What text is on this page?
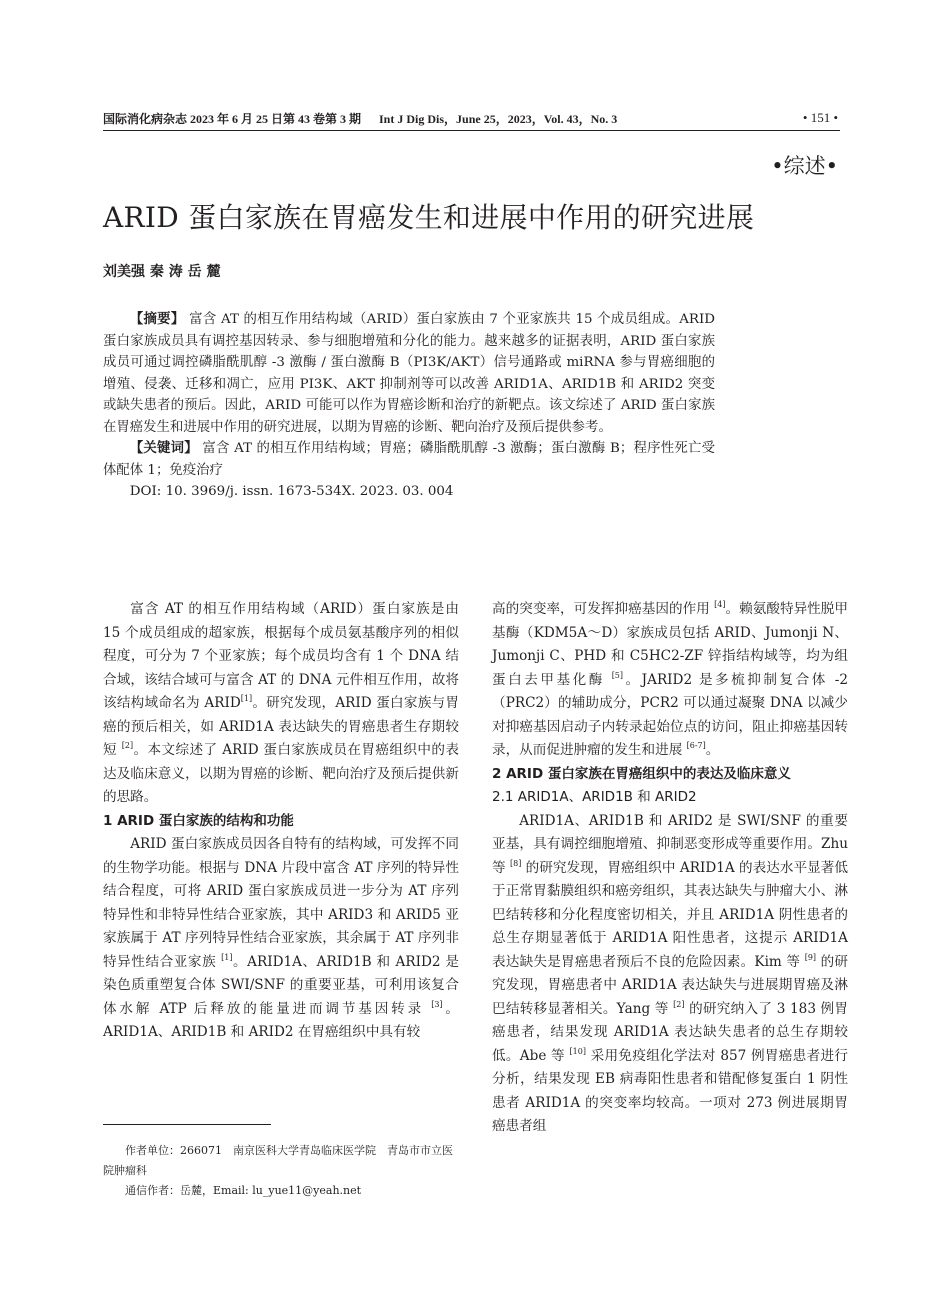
国际消化病杂志 2023 年 6 月 25 日第 43 卷第 3 期 Int J Dig Dis，June 25，2023，Vol. 43，No. 3	• 151 •
•综述•
ARID 蛋白家族在胃癌发生和进展中作用的研究进展
刘美强 秦 涛 岳 麓

【摘要】 富含 AT 的相互作用结构域（ARID）蛋白家族由 7 个亚家族共 15 个成员组成。ARID 蛋白家族成员具有调控基因转录、参与细胞增殖和分化的能力。越来越多的证据表明，ARID 蛋白家族成员可通过调控磷脂酰肌醇 -3 激酶 / 蛋白激酶 B（PI3K/AKT）信号通路或 miRNA 参与胃癌细胞的增殖、侵袭、迁移和凋亡，应用 PI3K、AKT 抑制剂等可以改善 ARID1A、ARID1B 和 ARID2 突变或缺失患者的预后。因此，ARID 可能可以作为胃癌诊断和治疗的新靶点。该文综述了 ARID 蛋白家族在胃癌发生和进展中作用的研究进展，以期为胃癌的诊断、靶向治疗及预后提供参考。

【关键词】 富含 AT 的相互作用结构域；胃癌；磷脂酰肌醇 -3 激酶；蛋白激酶 B；程序性死亡受体配体 1；免疫治疗

DOI: 10. 3969/j. issn. 1673-534X. 2023. 03. 004

富含 AT 的相互作用结构域（ARID）蛋白家族是由 15 个成员组成的超家族，根据每个成员氨基酸序列的相似程度，可分为 7 个亚家族；每个成员均含有 1 个 DNA 结合域，该结合域可与富含 AT 的 DNA 元件相互作用，故将该结构域命名为 ARID[1]。研究发现，ARID 蛋白家族与胃癌的预后相关，如 ARID1A 表达缺失的胃癌患者生存期较短 [2]。本文综述了 ARID 蛋白家族成员在胃癌组织中的表达及临床意义，以期为胃癌的诊断、靶向治疗及预后提供新的思路。

1 ARID 蛋白家族的结构和功能

ARID 蛋白家族成员因各自特有的结构域，可发挥不同的生物学功能。根据与 DNA 片段中富含 AT 序列的特异性结合程度，可将 ARID 蛋白家族成员进一步分为 AT 序列特异性和非特异性结合亚家族，其中 ARID3 和 ARID5 亚家族属于 AT 序列特异性结合亚家族，其余属于 AT 序列非特异性结合亚家族 [1]。ARID1A、ARID1B 和 ARID2 是染色质重塑复合体 SWI/SNF 的重要亚基，可利用该复合体水解 ATP 后释放的能量进而调节基因转录 [3]。ARID1A、ARID1B 和 ARID2 在胃癌组织中具有较

高的突变率，可发挥抑癌基因的作用 [4]。赖氨酸特异性脱甲基酶（KDM5A～D）家族成员包括 ARID、Jumonji N、Jumonji C、PHD 和 C5HC2-ZF 锌指结构域等，均为组蛋白去甲基化酶 [5]。JARID2 是多梳抑制复合体 -2（PRC2）的辅助成分，PCR2 可以通过凝聚 DNA 以减少对抑癌基因启动子内转录起始位点的访问，阻止抑癌基因转录，从而促进肿瘤的发生和进展 [6-7]。

2 ARID 蛋白家族在胃癌组织中的表达及临床意义

2.1 ARID1A、ARID1B 和 ARID2

ARID1A、ARID1B 和 ARID2 是 SWI/SNF 的重要亚基，具有调控细胞增殖、抑制恶变形成等重要作用。Zhu 等 [8] 的研究发现，胃癌组织中 ARID1A 的表达水平显著低于正常胃黏膜组织和癌旁组织，其表达缺失与肿瘤大小、淋巴结转移和分化程度密切相关，并且 ARID1A 阴性患者的总生存期显著低于 ARID1A 阳性患者，这提示 ARID1A 表达缺失是胃癌患者预后不良的危险因素。Kim 等 [9] 的研究发现，胃癌患者中 ARID1A 表达缺失与进展期胃癌及淋巴结转移显著相关。Yang 等 [2] 的研究纳入了 3 183 例胃癌患者，结果发现 ARID1A 表达缺失患者的总生存期较低。Abe 等 [10] 采用免疫组化学法对 857 例胃癌患者进行分析，结果发现 EB 病毒阳性患者和错配修复蛋白 1 阴性患者 ARID1A 的突变率均较高。一项对 273 例进展期胃癌患者组

作者单位：266071　南京医科大学青岛临床医学院　青岛市市立医院肿瘤科

通信作者：岳麓，Email: lu_yue11@yeah.net
